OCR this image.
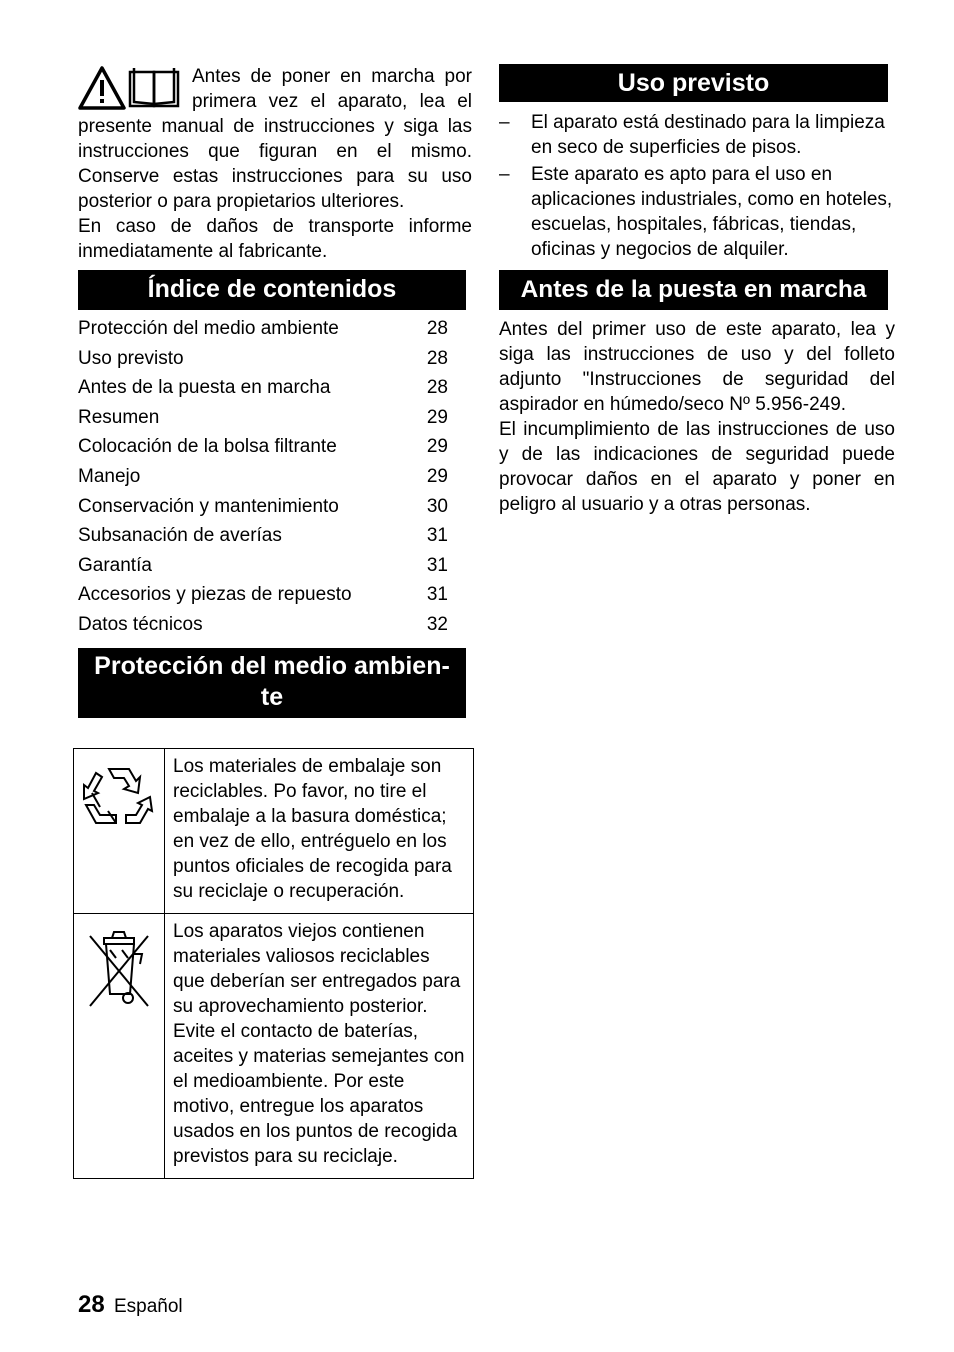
Antes de poner en marcha por primera vez el aparato, lea el presente manual de instrucciones y siga las instrucciones que figuran en el mismo. Conserve estas instrucciones para su uso posterior o para propietarios ulteriores.

En caso de daños de transporte informe inmediatamente al fabricante.

Índice de contenidos
Protección del medio ambiente	28
Uso previsto	28
Antes de la puesta en marcha	28
Resumen	29
Colocación de la bolsa filtrante	29
Manejo	29
Conservación y mantenimiento	30
Subsanación de averías	31
Garantía	31
Accesorios y piezas de repuesto	31
Datos técnicos	32
Protección del medio ambien-
te
	Los materiales de embalaje son reciclables. Po favor, no tire el embalaje a la basura doméstica; en vez de ello, entréguelo en los puntos oficiales de recogida para su reciclaje o recuperación.
	Los aparatos viejos contienen materiales valiosos reciclables que deberían ser entregados para su aprovechamiento posterior. Evite el contacto de baterías, aceites y materias semejantes con el medioambiente. Por este motivo, entregue los aparatos usados en los puntos de recogida previstos para su reciclaje.
Uso previsto
–	El aparato está destinado para la limpieza en seco de superficies de pisos.
–	Este aparato es apto para el uso en aplicaciones industriales, como en hoteles, escuelas, hospitales, fábricas, tiendas, oficinas y negocios de alquiler.
Antes de la puesta en marcha

Antes del primer uso de este aparato, lea y siga las instrucciones de uso y del folleto adjunto "Instrucciones de seguridad del aspirador en húmedo/seco Nº 5.956-249.

El incumplimiento de las instrucciones de uso y de las indicaciones de seguridad puede provocar daños en el aparato y poner en peligro al usuario y a otras personas.

28 Español
